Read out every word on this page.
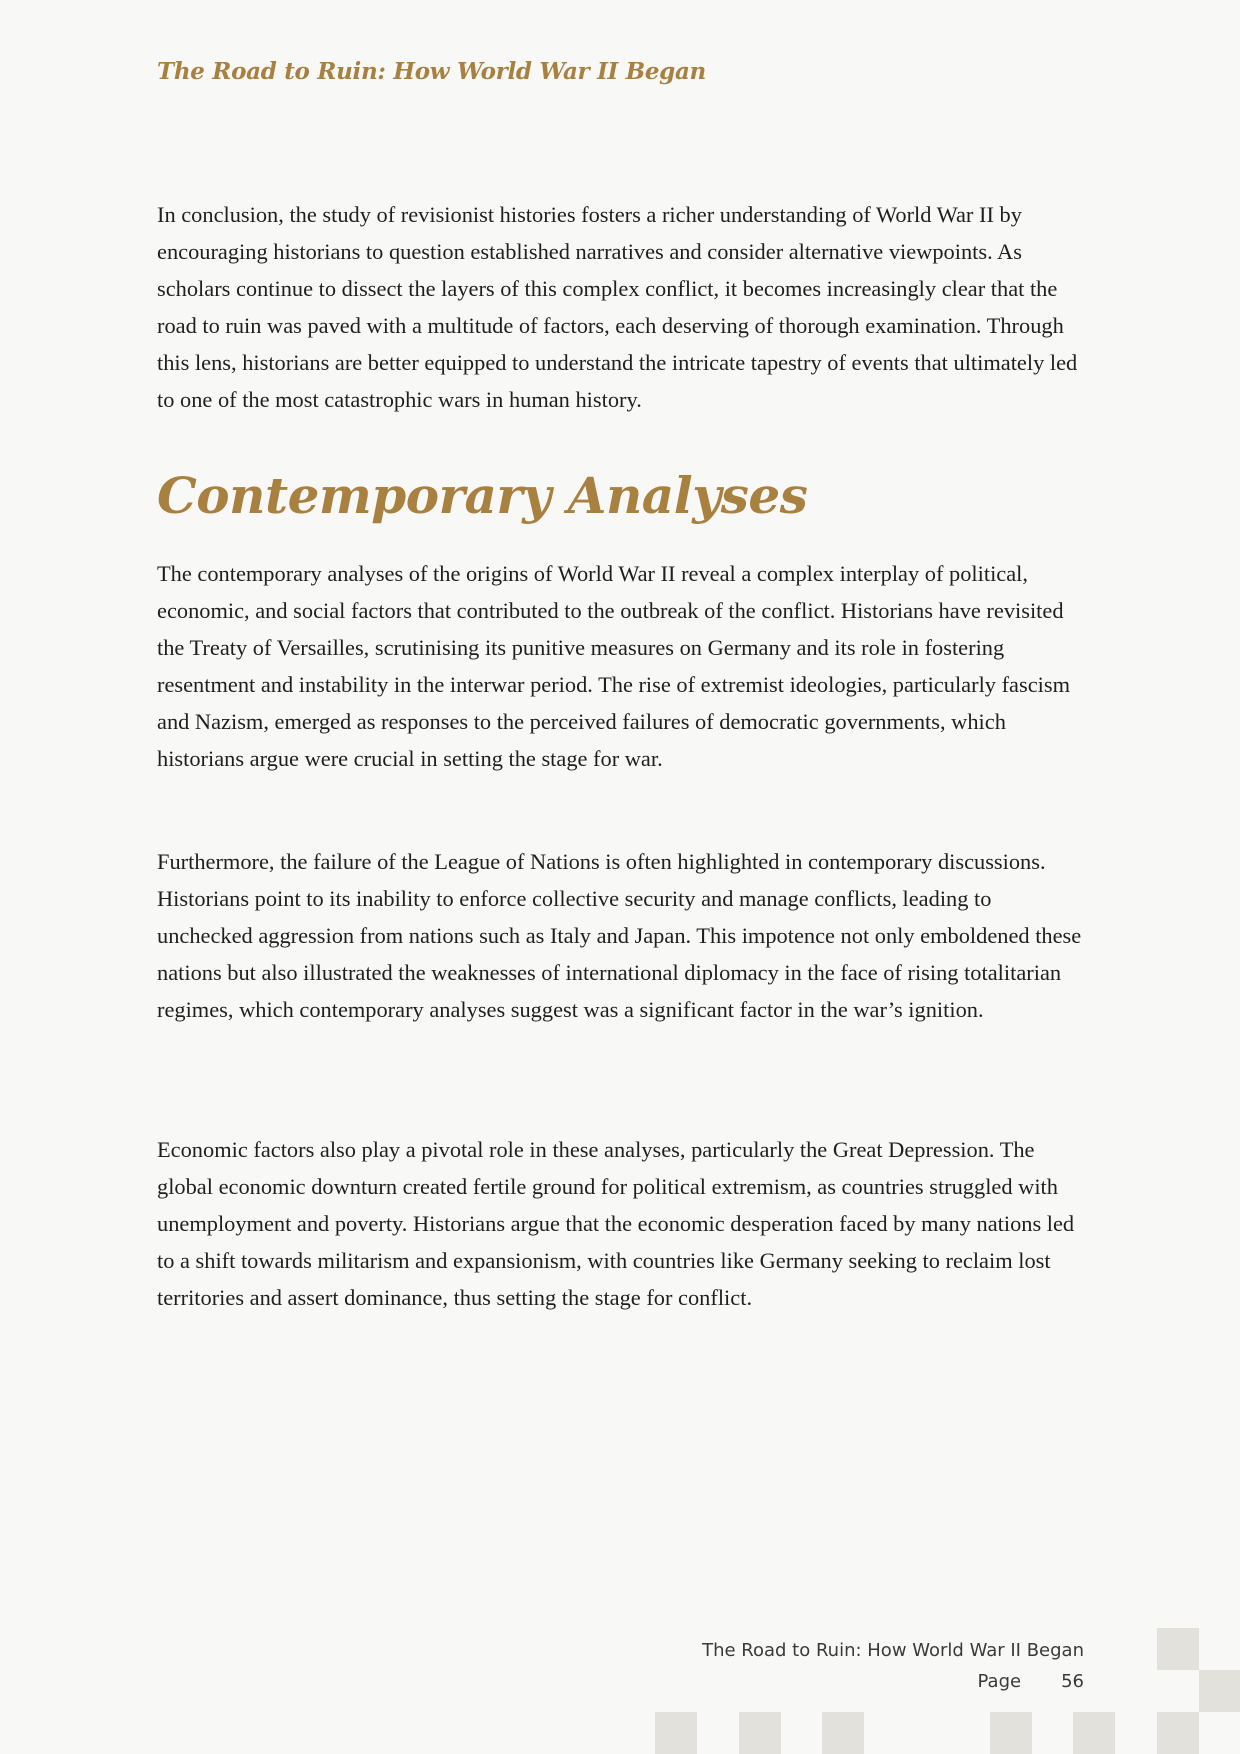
The Road to Ruin: How World War II Began

In conclusion, the study of revisionist histories fosters a richer understanding of World War II by encouraging historians to question established narratives and consider alternative viewpoints. As scholars continue to dissect the layers of this complex conflict, it becomes increasingly clear that the road to ruin was paved with a multitude of factors, each deserving of thorough examination. Through this lens, historians are better equipped to understand the intricate tapestry of events that ultimately led to one of the most catastrophic wars in human history.

Contemporary Analyses

The contemporary analyses of the origins of World War II reveal a complex interplay of political, economic, and social factors that contributed to the outbreak of the conflict. Historians have revisited the Treaty of Versailles, scrutinising its punitive measures on Germany and its role in fostering resentment and instability in the interwar period. The rise of extremist ideologies, particularly fascism and Nazism, emerged as responses to the perceived failures of democratic governments, which historians argue were crucial in setting the stage for war.

Furthermore, the failure of the League of Nations is often highlighted in contemporary discussions. Historians point to its inability to enforce collective security and manage conflicts, leading to unchecked aggression from nations such as Italy and Japan. This impotence not only emboldened these nations but also illustrated the weaknesses of international diplomacy in the face of rising totalitarian regimes, which contemporary analyses suggest was a significant factor in the war’s ignition.

Economic factors also play a pivotal role in these analyses, particularly the Great Depression. The global economic downturn created fertile ground for political extremism, as countries struggled with unemployment and poverty. Historians argue that the economic desperation faced by many nations led to a shift towards militarism and expansionism, with countries like Germany seeking to reclaim lost territories and assert dominance, thus setting the stage for conflict.

The Road to Ruin: How World War II Began
Page 56
